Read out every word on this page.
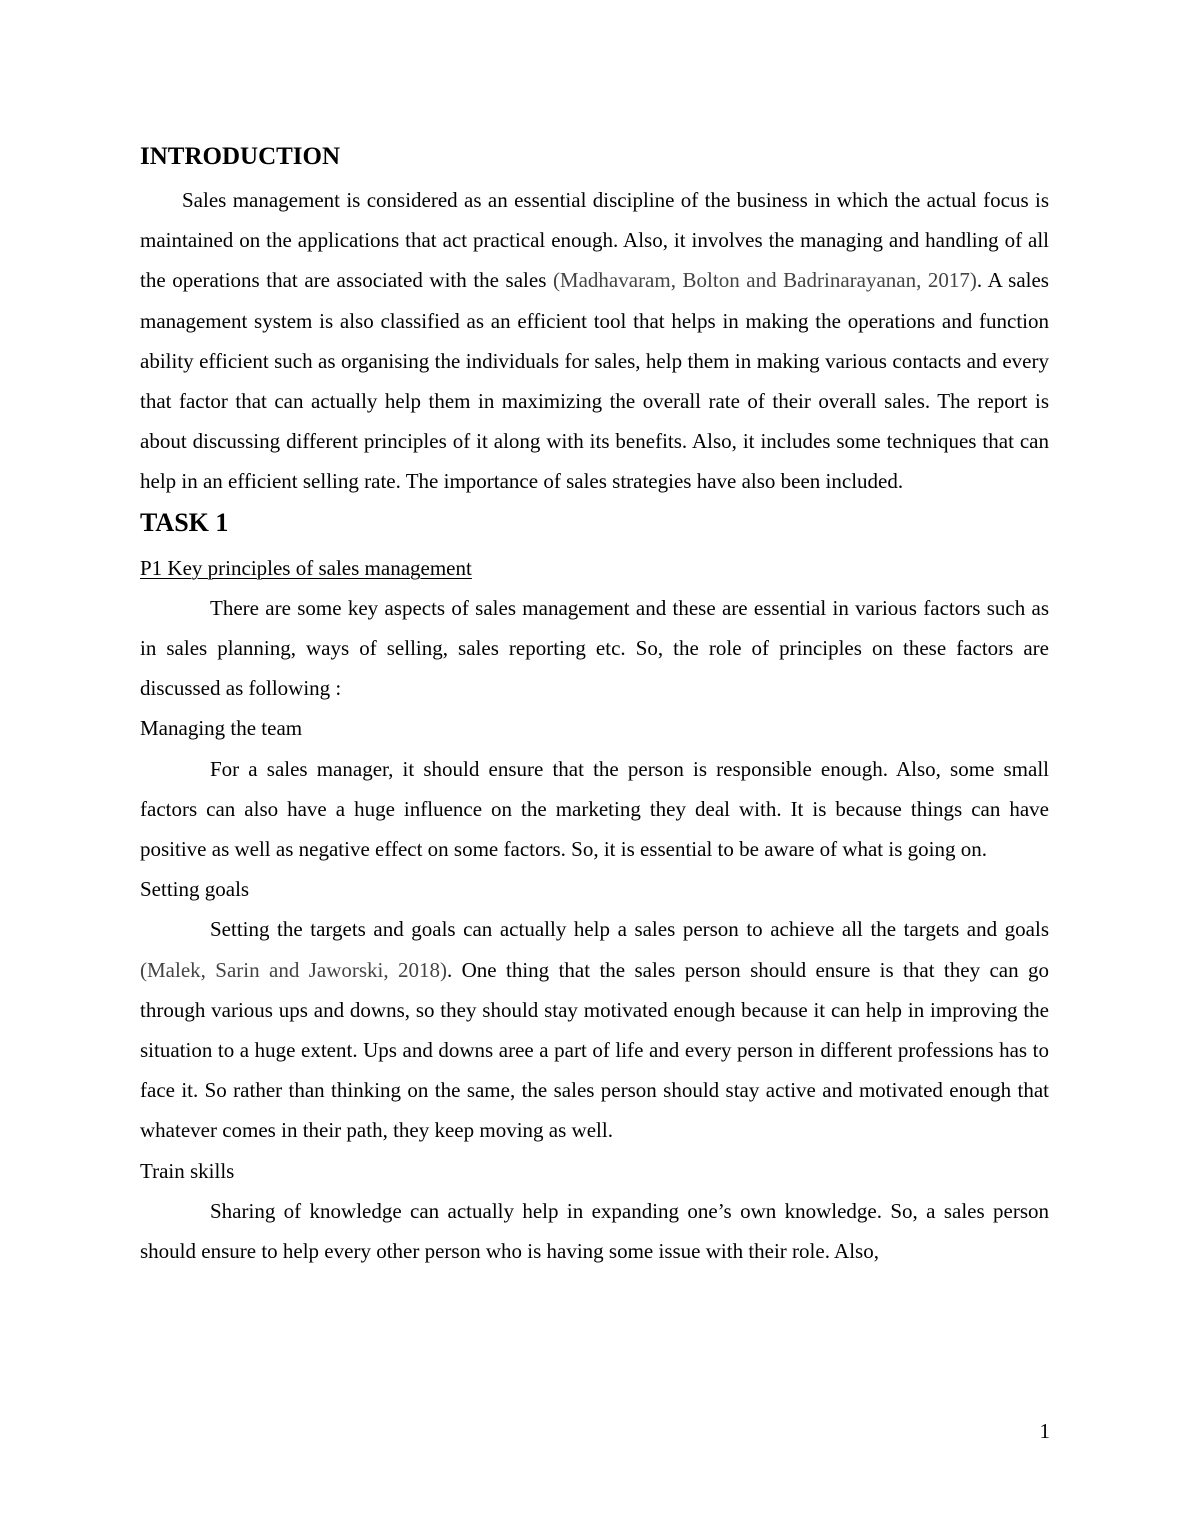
INTRODUCTION

Sales management is considered as an essential discipline of the business in which the actual focus is maintained on the applications that act practical enough. Also, it involves the managing and handling of all the operations that are associated with the sales (Madhavaram, Bolton and Badrinarayanan, 2017). A sales management system is also classified as an efficient tool that helps in making the operations and function ability efficient such as organising the individuals for sales, help them in making various contacts and every that factor that can actually help them in maximizing the overall rate of their overall sales. The report is about discussing different principles of it along with its benefits. Also, it includes some techniques that can help in an efficient selling rate. The importance of sales strategies have also been included.

TASK 1

P1 Key principles of sales management

There are some key aspects of sales management and these are essential in various factors such as in sales planning, ways of selling, sales reporting etc. So, the role of principles on these factors are discussed as following :

Managing the team

For a sales manager, it should ensure that the person is responsible enough. Also, some small factors can also have a huge influence on the marketing they deal with. It is because things can have positive as well as negative effect on some factors. So, it is essential to be aware of what is going on.

Setting goals

Setting the targets and goals can actually help a sales person to achieve all the targets and goals (Malek, Sarin and Jaworski, 2018). One thing that the sales person should ensure is that they can go through various ups and downs, so they should stay motivated enough because it can help in improving the situation to a huge extent. Ups and downs aree a part of life and every person in different professions has to face it. So rather than thinking on the same, the sales person should stay active and motivated enough that whatever comes in their path, they keep moving as well.

Train skills

Sharing of knowledge can actually help in expanding one’s own knowledge. So, a sales person should ensure to help every other person who is having some issue with their role. Also,

1
